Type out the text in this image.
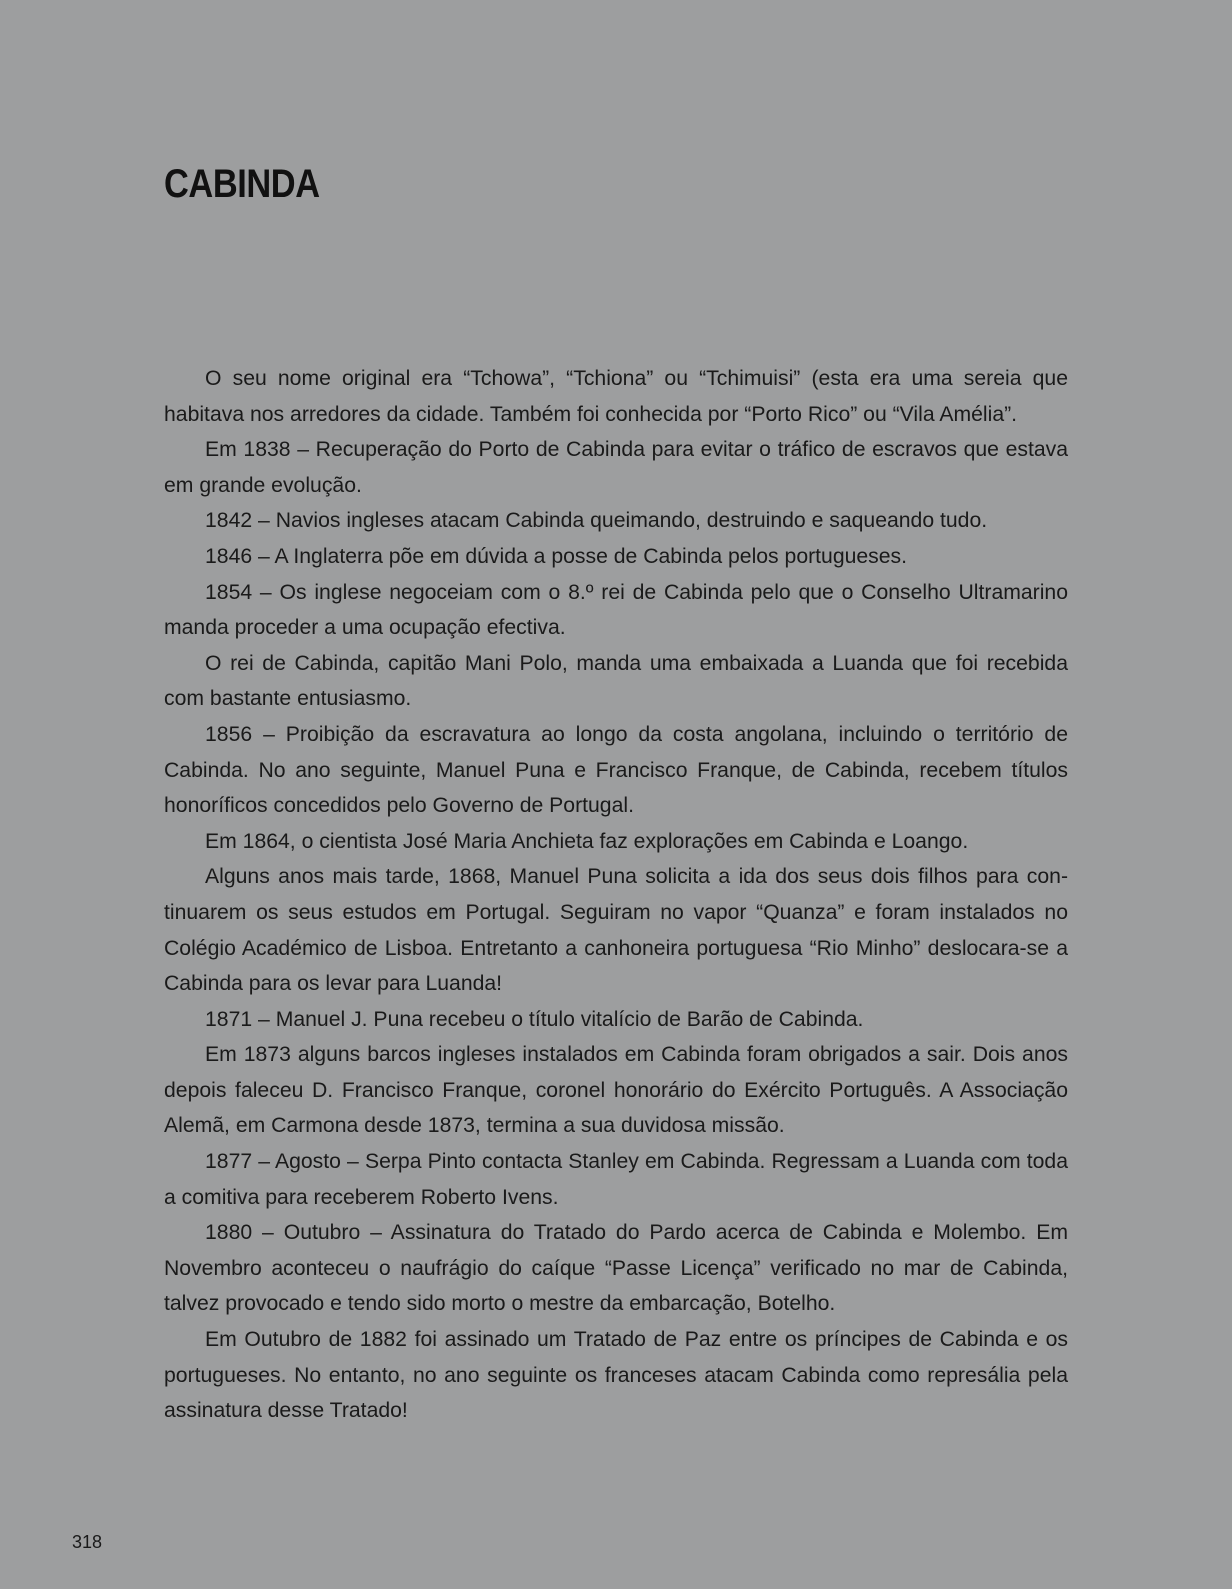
CABINDA

O seu nome original era “Tchowa”, “Tchiona” ou “Tchimuisi” (esta era uma sereia que habitava nos arredores da cidade. Também foi conhecida por “Porto Rico” ou “Vila Amélia”.

Em 1838 – Recuperação do Porto de Cabinda para evitar o tráfico de escravos que estava em grande evolução.

1842 – Navios ingleses atacam Cabinda queimando, destruindo e saqueando tudo.

1846 – A Inglaterra põe em dúvida a posse de Cabinda pelos portugueses.

1854 – Os inglese negoceiam com o 8.º rei de Cabinda pelo que o Conselho Ultramarino manda proceder a uma ocupação efectiva.

O rei de Cabinda, capitão Mani Polo, manda uma embaixada a Luanda que foi recebida com bastante entusiasmo.

1856 – Proibição da escravatura ao longo da costa angolana, incluindo o território de Cabinda. No ano seguinte, Manuel Puna e Francisco Franque, de Cabinda, recebem títulos honoríficos concedidos pelo Governo de Portugal.

Em 1864, o cientista José Maria Anchieta faz explorações em Cabinda e Loango.

Alguns anos mais tarde, 1868, Manuel Puna solicita a ida dos seus dois filhos para continuarem os seus estudos em Portugal. Seguiram no vapor “Quanza” e foram instalados no Colégio Académico de Lisboa. Entretanto a canhoneira portuguesa “Rio Minho” deslocara-se a Cabinda para os levar para Luanda!

1871 – Manuel J. Puna recebeu o título vitalício de Barão de Cabinda.

Em 1873 alguns barcos ingleses instalados em Cabinda foram obrigados a sair. Dois anos depois faleceu D. Francisco Franque, coronel honorário do Exército Português. A Associação Alemã, em Carmona desde 1873, termina a sua duvidosa missão.

1877 – Agosto – Serpa Pinto contacta Stanley em Cabinda. Regressam a Luanda com toda a comitiva para receberem Roberto Ivens.

1880 – Outubro – Assinatura do Tratado do Pardo acerca de Cabinda e Molembo. Em Novembro aconteceu o naufrágio do caíque “Passe Licença” verificado no mar de Cabinda, talvez provocado e tendo sido morto o mestre da embarcação, Botelho.

Em Outubro de 1882 foi assinado um Tratado de Paz entre os príncipes de Cabinda e os portugueses. No entanto, no ano seguinte os franceses atacam Cabinda como represália pela assinatura desse Tratado!

318
